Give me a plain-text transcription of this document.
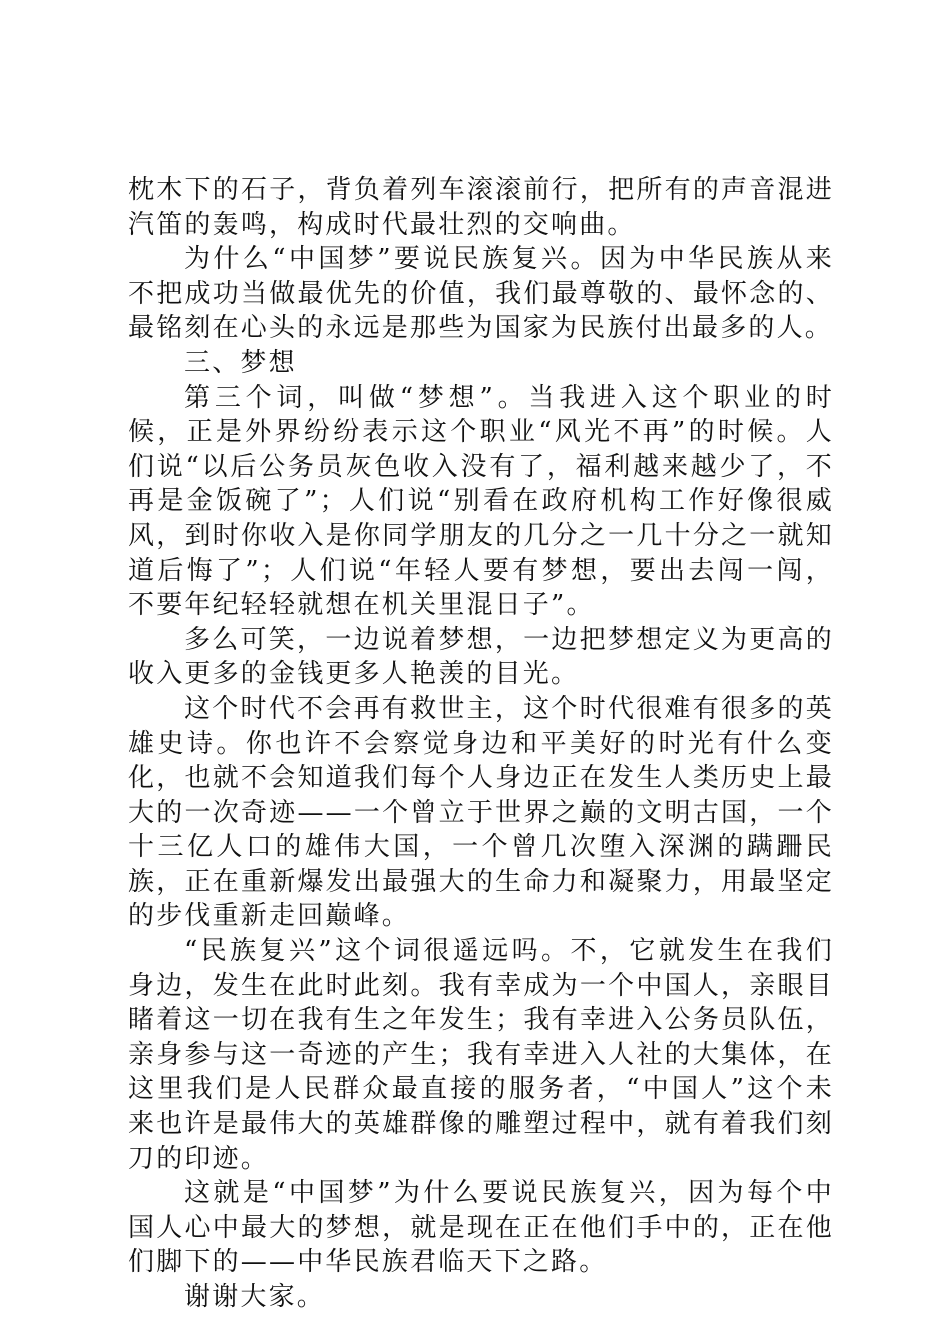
枕木下的石子，背负着列车滚滚前行，把所有的声音混进汽笛的轰鸣，构成时代最壮烈的交响曲。

为什么“中国梦”要说民族复兴。因为中华民族从来不把成功当做最优先的价值，我们最尊敬的、最怀念的、最铭刻在心头的永远是那些为国家为民族付出最多的人。

三、梦想

第三个词，叫做“梦想”。当我进入这个职业的时候，正是外界纷纷表示这个职业“风光不再”的时候。人们说“以后公务员灰色收入没有了，福利越来越少了，不再是金饭碗了”；人们说“别看在政府机构工作好像很威风，到时你收入是你同学朋友的几分之一几十分之一就知道后悔了”；人们说“年轻人要有梦想，要出去闯一闯，不要年纪轻轻就想在机关里混日子”。

多么可笑，一边说着梦想，一边把梦想定义为更高的收入更多的金钱更多人艳羡的目光。

这个时代不会再有救世主，这个时代很难有很多的英雄史诗。你也许不会察觉身边和平美好的时光有什么变化，也就不会知道我们每个人身边正在发生人类历史上最大的一次奇迹——一个曾立于世界之巅的文明古国，一个十三亿人口的雄伟大国，一个曾几次堕入深渊的蹒跚民族，正在重新爆发出最强大的生命力和凝聚力，用最坚定的步伐重新走回巅峰。

“民族复兴”这个词很遥远吗。不，它就发生在我们身边，发生在此时此刻。我有幸成为一个中国人，亲眼目睹着这一切在我有生之年发生；我有幸进入公务员队伍，亲身参与这一奇迹的产生；我有幸进入人社的大集体，在这里我们是人民群众最直接的服务者，“中国人”这个未来也许是最伟大的英雄群像的雕塑过程中，就有着我们刻刀的印迹。

这就是“中国梦”为什么要说民族复兴，因为每个中国人心中最大的梦想，就是现在正在他们手中的，正在他们脚下的——中华民族君临天下之路。

谢谢大家。
